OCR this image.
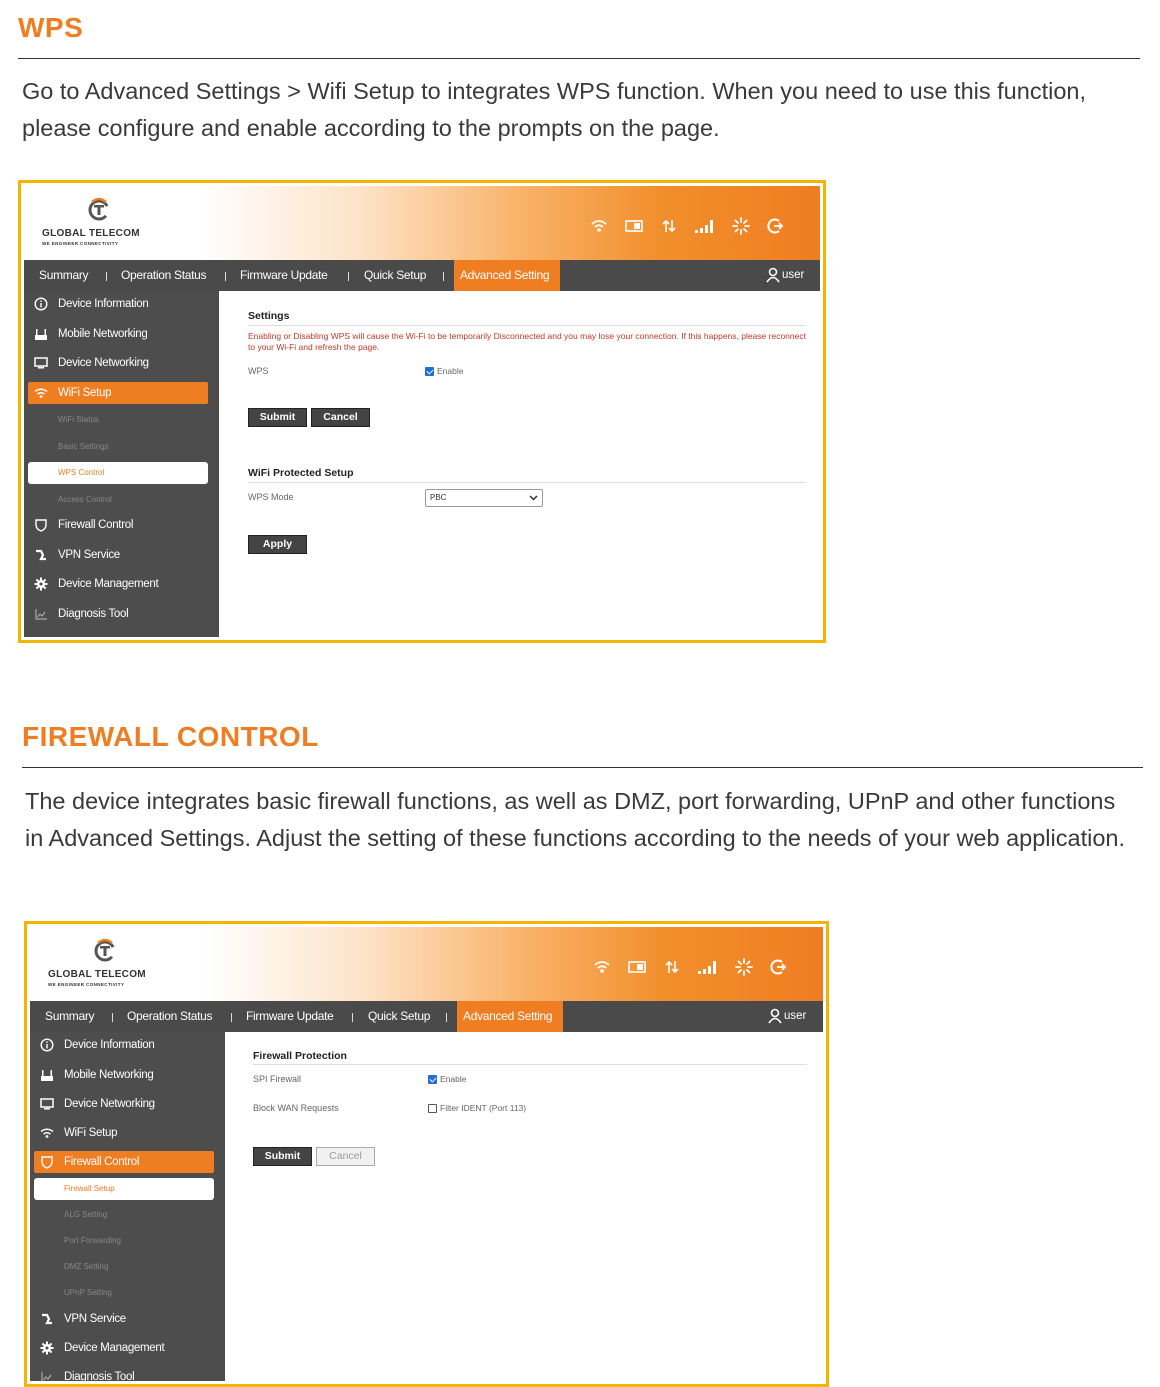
WPS
Go to Advanced Settings > Wifi Setup to integrates WPS function. When you need to use this function, please configure and enable according to the prompts on the page.
GLOBAL TELECOM
WE ENGINEER CONNECTIVITY
Summary	Operation Status	Firmware Update	Quick Setup	Advanced Setting	user
Device Information
Mobile Networking
Device Networking
WiFi Setup
WiFi Status
Basic Settings
WPS Control
Access Control
Firewall Control
VPN Service
Device Management
Diagnosis Tool
Settings
Enabling or Disabling WPS will cause the Wi-Fi to be temporarily Disconnected and you may lose your connection. If this happens, please reconnect to your Wi-Fi and refresh the page.
WPS	Enable
Submit	Cancel
WiFi Protected Setup
WPS Mode	PBC
Apply
FIREWALL CONTROL
The device integrates basic firewall functions, as well as DMZ, port forwarding, UPnP and other functions in Advanced Settings. Adjust the setting of these functions according to the needs of your web application.
GLOBAL TELECOM
WE ENGINEER CONNECTIVITY
Summary	Operation Status	Firmware Update	Quick Setup	Advanced Setting	user
Device Information
Mobile Networking
Device Networking
WiFi Setup
Firewall Control
Firewall Setup
ALG Setting
Port Forwarding
DMZ Setting
UPnP Setting
VPN Service
Device Management
Diagnosis Tool
Firewall Protection
SPI Firewall	Enable
Block WAN Requests	Filter IDENT (Port 113)
Submit	Cancel
